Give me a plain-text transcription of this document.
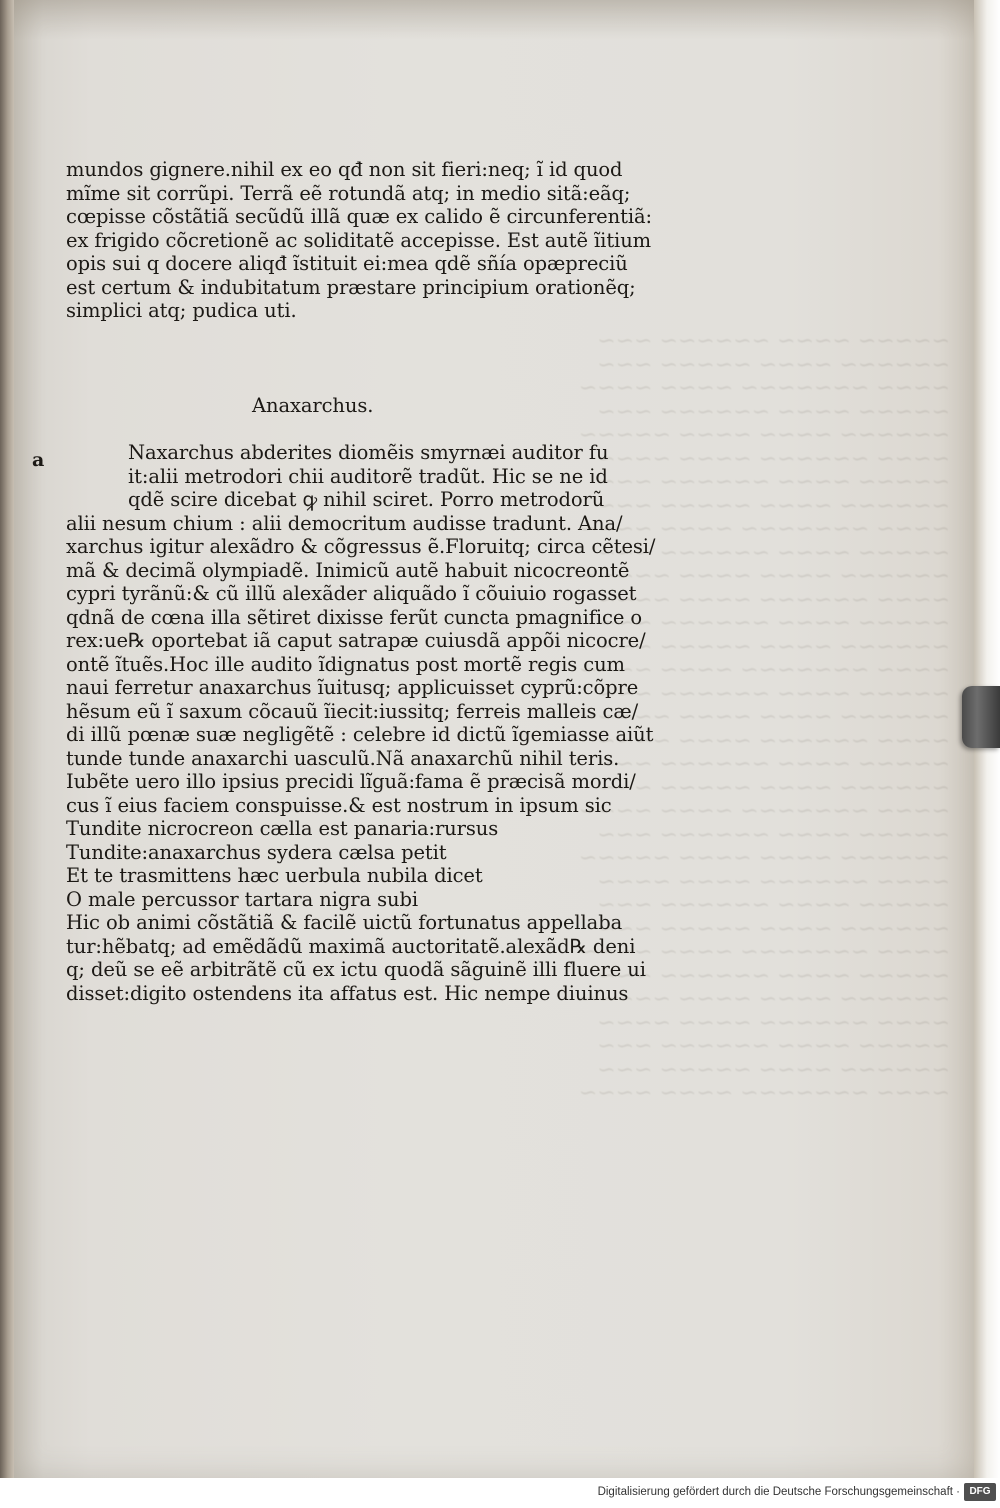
~~~~~ ~~~~ ~~~~~~ ~~~
~~~~~~ ~~~~ ~~~~~ ~~~
~~~~ ~~~~~~~ ~~~~
~~~~~ ~~~~ ~~~~~~ ~~~
~~~~~~ ~~~~ ~~~~ ~~~~~
~~~~ ~~~~~~ ~~~~ ~~~~
~~~~~ ~~~~ ~~~~~~ ~~~
~~~~~~ ~~~~ ~~~~~ ~~~
~~~~ ~~~~~~~ ~~~~
~~~~~ ~~~~ ~~~~~~ ~~~
~~~~~~ ~~~~ ~~~~ ~~~~~
~~~~ ~~~~~~ ~~~~ ~~~~
~~~~~ ~~~~ ~~~~~~ ~~~
~~~~~~ ~~~~ ~~~~~ ~~~
~~~~ ~~~~~~~ ~~~~
~~~~~ ~~~~ ~~~~~~ ~~~
~~~~~~ ~~~~ ~~~~ ~~~~~
~~~~ ~~~~~~ ~~~~ ~~~~
~~~~~ ~~~~ ~~~~~~ ~~~
~~~~~~ ~~~~ ~~~~~ ~~~
~~~~ ~~~~~~~ ~~~~
~~~~~ ~~~~ ~~~~~~ ~~~
~~~~~~ ~~~~ ~~~~ ~~~~~
~~~~ ~~~~~~ ~~~~ ~~~~
~~~~~ ~~~~ ~~~~~~ ~~~
~~~~~~ ~~~~ ~~~~~ ~~~
~~~~ ~~~~~~~ ~~~~
~~~~~ ~~~~ ~~~~~~ ~~~
~~~~~~ ~~~~ ~~~~ ~~~~~
~~~~ ~~~~~~ ~~~~ ~~~~
~~~~~ ~~~~ ~~~~~~ ~~~
~~~~~~ ~~~~ ~~~~~ ~~~
~~~~ ~~~~~~~ ~~~~
a
mundos gignere.nihil ex eo qđ non sit fieri:neq; ĩ id quod
mĩme sit corrũpi. Terrã eẽ rotundã atq; in medio sitã:eãq;
cœpisse cõstãtiã secũdũ illã quæ ex calido ẽ circunferentiã:
ex frigido cõcretionẽ ac soliditatẽ accepisse. Est autẽ ĩitium
opis sui q docere aliqđ ĩstituit ei:mea qdẽ sñía opæpreciũ
est certum & indubitatum præstare principium orationẽq;
simplici atq; pudica uti.
Anaxarchus.
Naxarchus abderites diomẽis smyrnæi auditor fu
it:alii metrodori chii auditorẽ tradũt. Hic se ne id
qdẽ scire dicebat ꝙ nihil sciret. Porro metrodorũ
alii nesum chium : alii democritum audisse tradunt. Ana/
xarchus igitur alexãdro & cõgressus ẽ.Floruitq; circa cẽtesi/
mã & decimã olympiadẽ. Inimicũ autẽ habuit nicocreontẽ
cypri tyrãnũ:& cũ illũ alexãder aliquãdo ĩ cõuiuio rogasset
qdnã de cœna illa sẽtiret dixisse ferũt cuncta pmagnifice o
rex:ue℞ oportebat iã caput satrapæ cuiusdã appõi nicocre/
ontẽ ĩtuẽs.Hoc ille audito ĩdignatus post mortẽ regis cum
naui ferretur anaxarchus ĩuitusq; applicuisset cyprũ:cõpre
hẽsum eũ ĩ saxum cõcauũ ĩiecit:iussitq; ferreis malleis cæ/
di illũ pœnæ suæ negligẽtẽ : celebre id dictũ ĩgemiasse aiũt
tunde tunde anaxarchi uasculũ.Nã anaxarchũ nihil teris.
Iubẽte uero illo ipsius precidi lĩguã:fama ẽ præcisã mordi/
cus ĩ eius faciem conspuisse.& est nostrum in ipsum sic
Tundite nicrocreon cælla est panaria:rursus
Tundite:anaxarchus sydera cælsa petit
Et te trasmittens hæc uerbula nubila dicet
O male percussor tartara nigra subi
Hic ob animi cõstãtiã & facilẽ uictũ fortunatus appellaba
tur:hẽbatq; ad emẽdãdũ maximã auctoritatẽ.alexãd℞ deni
q; deũ se eẽ arbitrãtẽ cũ ex ictu quodã sãguinẽ illi fluere ui
disset:digito ostendens ita affatus est. Hic nempe diuinus
Digitalisierung gefördert durch die Deutsche Forschungsgemeinschaft · DFG
